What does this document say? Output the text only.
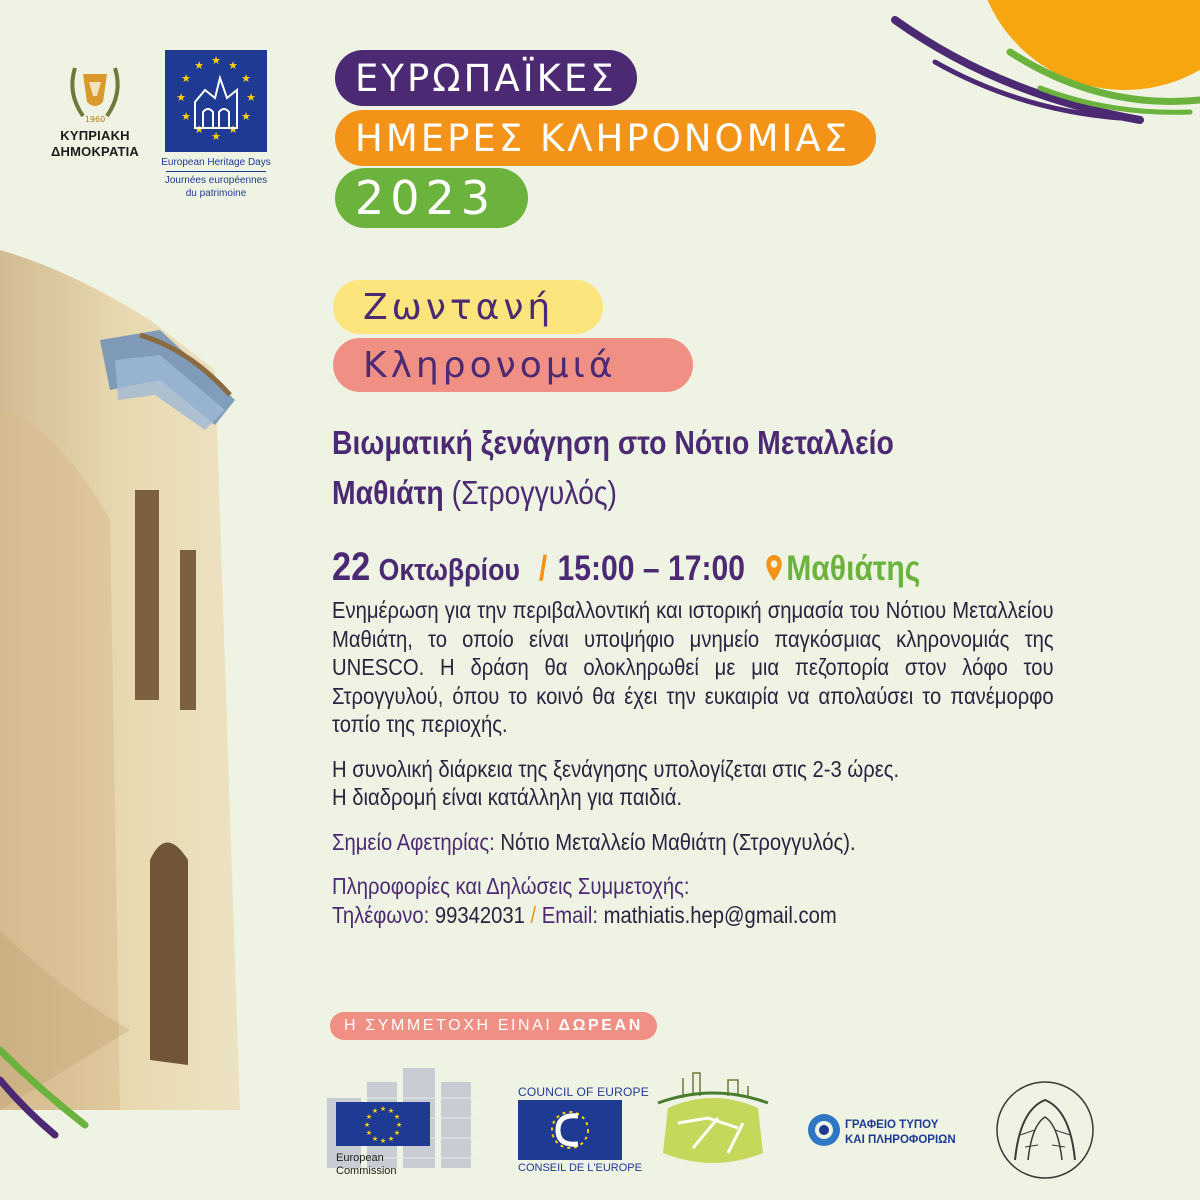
1960
ΚΥΠΡΙΑΚΗ
ΔΗΜΟΚΡΑΤΙΑ
★ ★
★
★
★
★
★
★
★
★
★
★
European Heritage Days
Journées européennes
du patrimoine
ΕΥΡΩΠΑΪΚΕΣ
ΗΜΕΡΕΣ ΚΛΗΡΟΝΟΜΙΑΣ
2023
Ζωντανή
Κληρονομιά
Βιωματική ξενάγηση στο Νότιο Μεταλλείο
Μαθιάτη (Στρογγυλός)
22 Οκτωβρίου / 15:00 – 17:00 Μαθιάτης

Ενημέρωση για την περιβαλλοντική και ιστορική σημασία του Νότιου Μεταλλείου Μαθιάτη, το οποίο είναι υποψήφιο μνημείο παγκόσμιας κληρονομιάς της UNESCO. Η δράση θα ολοκληρωθεί με μια πεζοπορία στον λόφο του Στρογγυλού, όπου το κοινό θα έχει την ευκαιρία να απολαύσει το πανέμορφο τοπίο της περιοχής.

Η συνολική διάρκεια της ξενάγησης υπολογίζεται στις 2-3 ώρες.

Η διαδρομή είναι κατάλληλη για παιδιά.

Σημείο Αφετηρίας: Νότιο Μεταλλείο Μαθιάτη (Στρογγυλός).

Πληροφορίες και Δηλώσεις Συμμετοχής:

Τηλέφωνο: 99342031 / Email: mathiatis.hep@gmail.com

Η ΣΥΜΜΕΤΟΧΗ ΕΙΝΑΙ ΔΩΡΕΑΝ
★ ★
★
★
★
★
★
★
★
★
★
★
European
Commission
COUNCIL OF EUROPE
CONSEIL DE L'EUROPE
ΓΡΑΦΕΙΟ ΤΥΠΟΥ
ΚΑΙ ΠΛΗΡΟΦΟΡΙΩΝ
